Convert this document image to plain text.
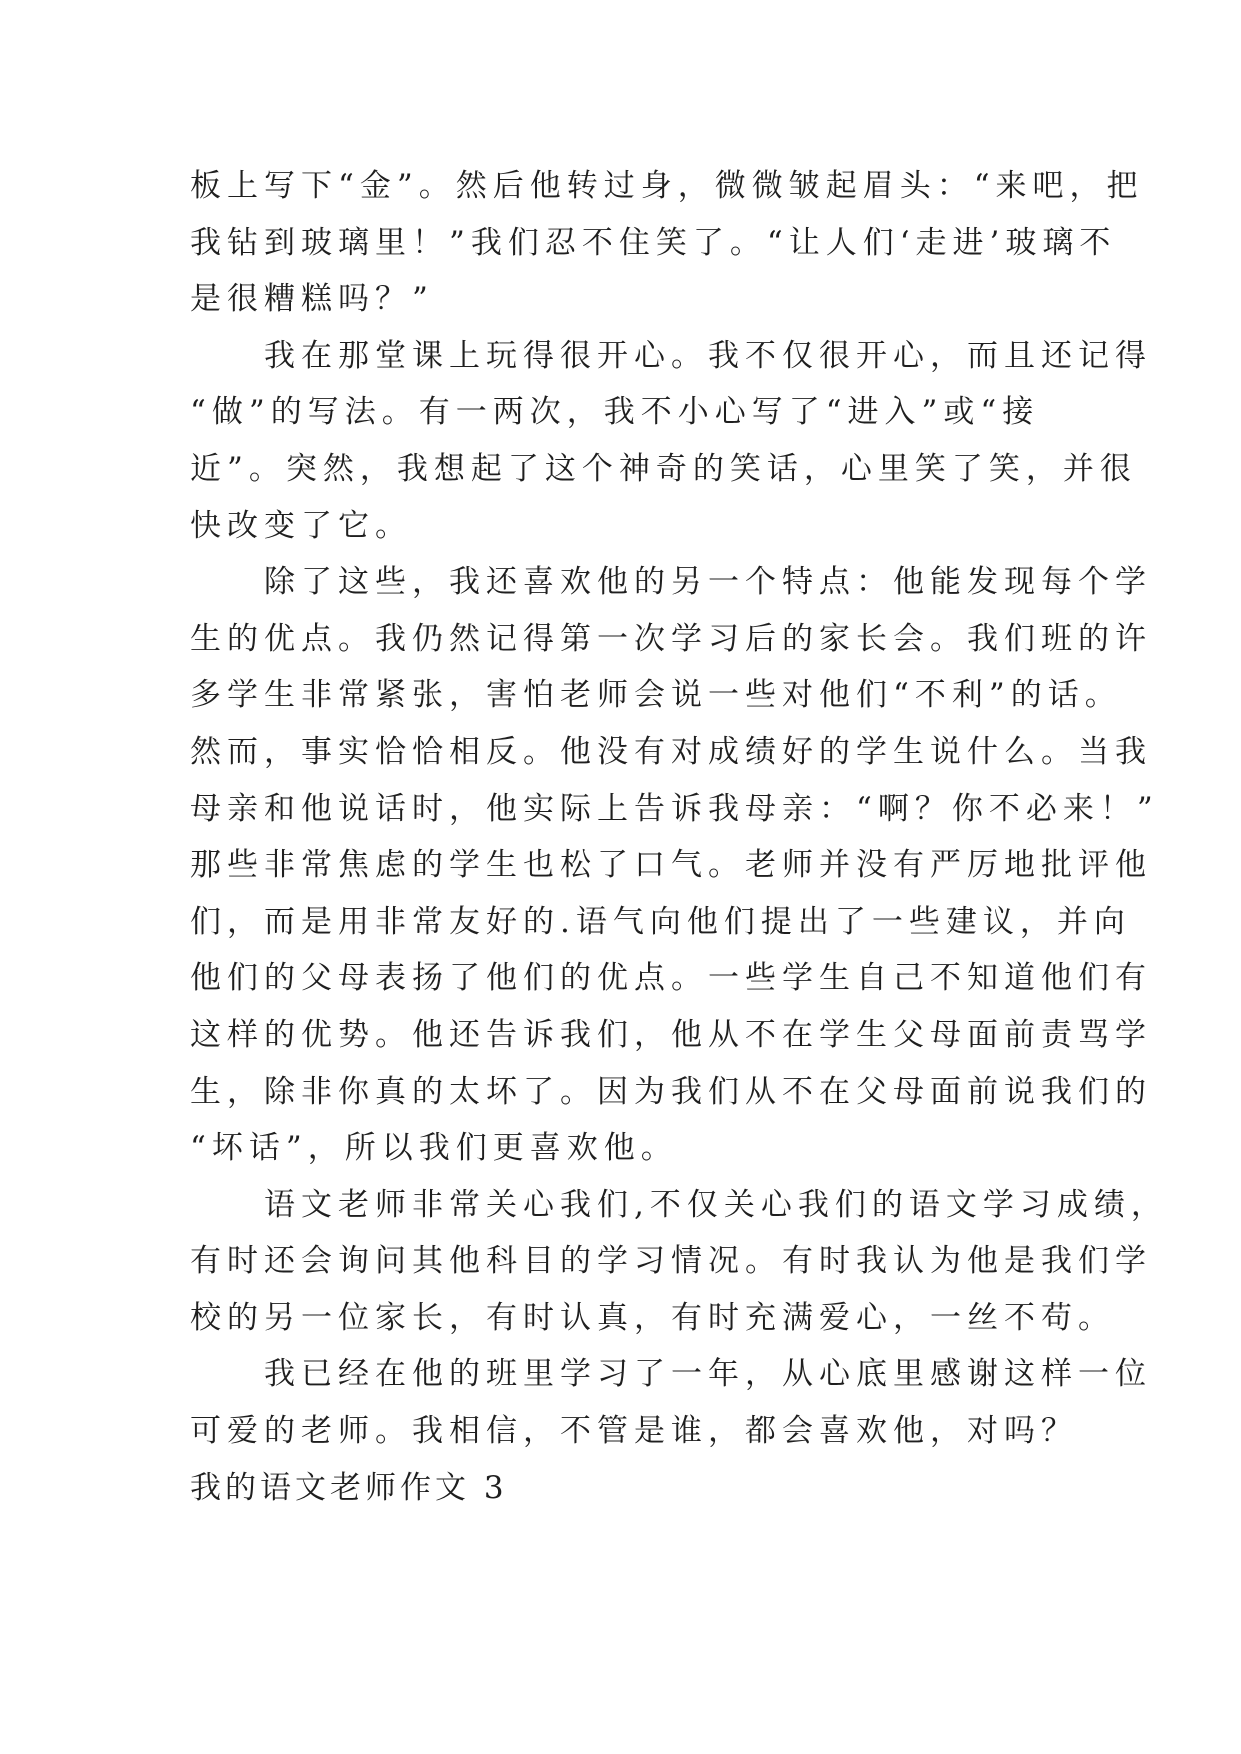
板上写下“金”。然后他转过身，微微皱起眉头：“来吧，把
我钻到玻璃里！”我们忍不住笑了。“让人们‘走进’玻璃不
是很糟糕吗？”
　　我在那堂课上玩得很开心。我不仅很开心，而且还记得
“做”的写法。有一两次，我不小心写了“进入”或“接
近”。突然，我想起了这个神奇的笑话，心里笑了笑，并很
快改变了它。
　　除了这些，我还喜欢他的另一个特点：他能发现每个学
生的优点。我仍然记得第一次学习后的家长会。我们班的许
多学生非常紧张，害怕老师会说一些对他们“不利”的话。
然而，事实恰恰相反。他没有对成绩好的学生说什么。当我
母亲和他说话时，他实际上告诉我母亲：“啊？你不必来！”
那些非常焦虑的学生也松了口气。老师并没有严厉地批评他
们，而是用非常友好的.语气向他们提出了一些建议，并向
他们的父母表扬了他们的优点。一些学生自己不知道他们有
这样的优势。他还告诉我们，他从不在学生父母面前责骂学
生，除非你真的太坏了。因为我们从不在父母面前说我们的
“坏话”，所以我们更喜欢他。
　　语文老师非常关心我们,不仅关心我们的语文学习成绩，
有时还会询问其他科目的学习情况。有时我认为他是我们学
校的另一位家长，有时认真，有时充满爱心，一丝不苟。
　　我已经在他的班里学习了一年，从心底里感谢这样一位
可爱的老师。我相信，不管是谁，都会喜欢他，对吗？
我的语文老师作文 3
